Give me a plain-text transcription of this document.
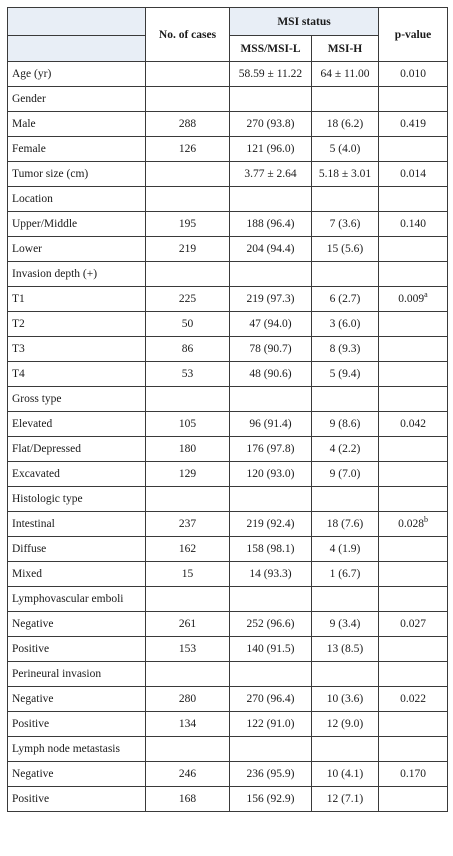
	No. of cases	MSI status		p-value
		MSS/MSI-L	MSI-H	
Age (yr)		58.59 ± 11.22	64 ± 11.00	0.010
Gender				
Male	288	270 (93.8)	18 (6.2)	0.419
Female	126	121 (96.0)	5 (4.0)	
Tumor size (cm)		3.77 ± 2.64	5.18 ± 3.01	0.014
Location				
Upper/Middle	195	188 (96.4)	7 (3.6)	0.140
Lower	219	204 (94.4)	15 (5.6)	
Invasion depth (+)				
T1	225	219 (97.3)	6 (2.7)	0.009$^a$
T2	50	47 (94.0)	3 (6.0)	
T3	86	78 (90.7)	8 (9.3)	
T4	53	48 (90.6)	5 (9.4)	
Gross type				
Elevated	105	96 (91.4)	9 (8.6)	0.042
Flat/Depressed	180	176 (97.8)	4 (2.2)	
Excavated	129	120 (93.0)	9 (7.0)	
Histologic type				
Intestinal	237	219 (92.4)	18 (7.6)	0.028$^b$
Diffuse	162	158 (98.1)	4 (1.9)	
Mixed	15	14 (93.3)	1 (6.7)	
Lymphovascular emboli				
Negative	261	252 (96.6)	9 (3.4)	0.027
Positive	153	140 (91.5)	13 (8.5)	
Perineural invasion				
Negative	280	270 (96.4)	10 (3.6)	0.022
Positive	134	122 (91.0)	12 (9.0)	
Lymph node metastasis				
Negative	246	236 (95.9)	10 (4.1)	0.170
Positive	168	156 (92.9)	12 (7.1)	
